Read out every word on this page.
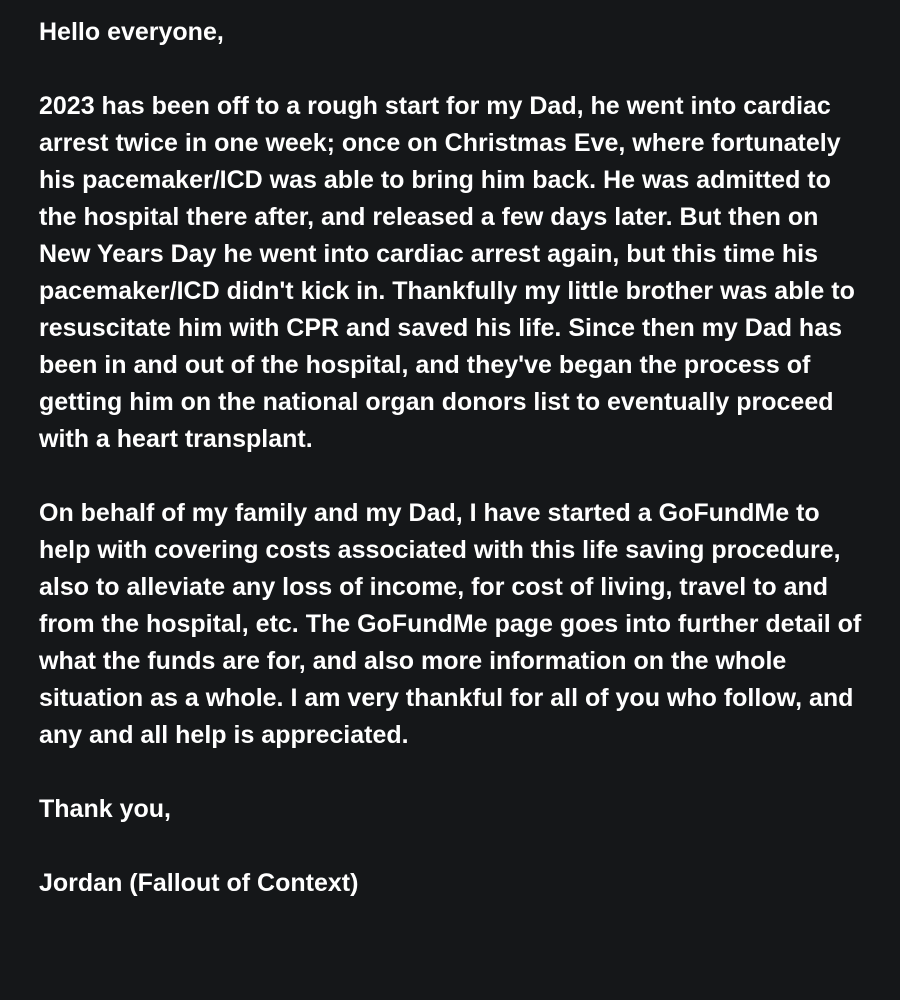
Hello everyone,

2023 has been off to a rough start for my Dad, he went into cardiac arrest twice in one week; once on Christmas Eve, where fortunately his pacemaker/ICD was able to bring him back. He was admitted to the hospital there after, and released a few days later. But then on New Years Day he went into cardiac arrest again, but this time his pacemaker/ICD didn't kick in. Thankfully my little brother was able to resuscitate him with CPR and saved his life. Since then my Dad has been in and out of the hospital, and they've began the process of getting him on the national organ donors list to eventually proceed with a heart transplant.

On behalf of my family and my Dad, I have started a GoFundMe to help with covering costs associated with this life saving procedure, also to alleviate any loss of income, for cost of living, travel to and from the hospital, etc. The GoFundMe page goes into further detail of what the funds are for, and also more information on the whole situation as a whole. I am very thankful for all of you who follow, and any and all help is appreciated.

Thank you,

Jordan (Fallout of Context)
